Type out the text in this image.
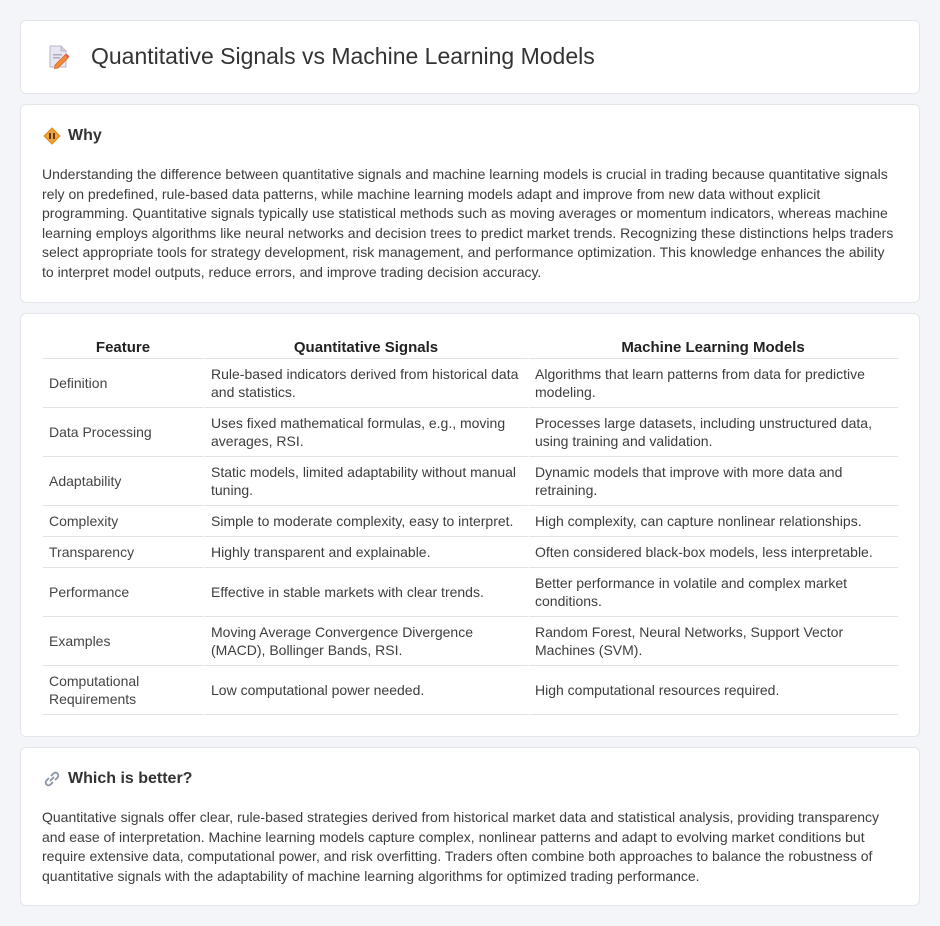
Quantitative Signals vs Machine Learning Models
Why

Understanding the difference between quantitative signals and machine learning models is crucial in trading because quantitative signals rely on predefined, rule-based data patterns, while machine learning models adapt and improve from new data without explicit programming. Quantitative signals typically use statistical methods such as moving averages or momentum indicators, whereas machine learning employs algorithms like neural networks and decision trees to predict market trends. Recognizing these distinctions helps traders select appropriate tools for strategy development, risk management, and performance optimization. This knowledge enhances the ability to interpret model outputs, reduce errors, and improve trading decision accuracy.

Feature	Quantitative Signals	Machine Learning Models
Definition	Rule-based indicators derived from historical data and statistics.	Algorithms that learn patterns from data for predictive modeling.
Data Processing	Uses fixed mathematical formulas, e.g., moving averages, RSI.	Processes large datasets, including unstructured data, using training and validation.
Adaptability	Static models, limited adaptability without manual tuning.	Dynamic models that improve with more data and retraining.
Complexity	Simple to moderate complexity, easy to interpret.	High complexity, can capture nonlinear relationships.
Transparency	Highly transparent and explainable.	Often considered black-box models, less interpretable.
Performance	Effective in stable markets with clear trends.	Better performance in volatile and complex market conditions.
Examples	Moving Average Convergence Divergence (MACD), Bollinger Bands, RSI.	Random Forest, Neural Networks, Support Vector Machines (SVM).
Computational Requirements	Low computational power needed.	High computational resources required.
Which is better?

Quantitative signals offer clear, rule-based strategies derived from historical market data and statistical analysis, providing transparency and ease of interpretation. Machine learning models capture complex, nonlinear patterns and adapt to evolving market conditions but require extensive data, computational power, and risk overfitting. Traders often combine both approaches to balance the robustness of quantitative signals with the adaptability of machine learning algorithms for optimized trading performance.
